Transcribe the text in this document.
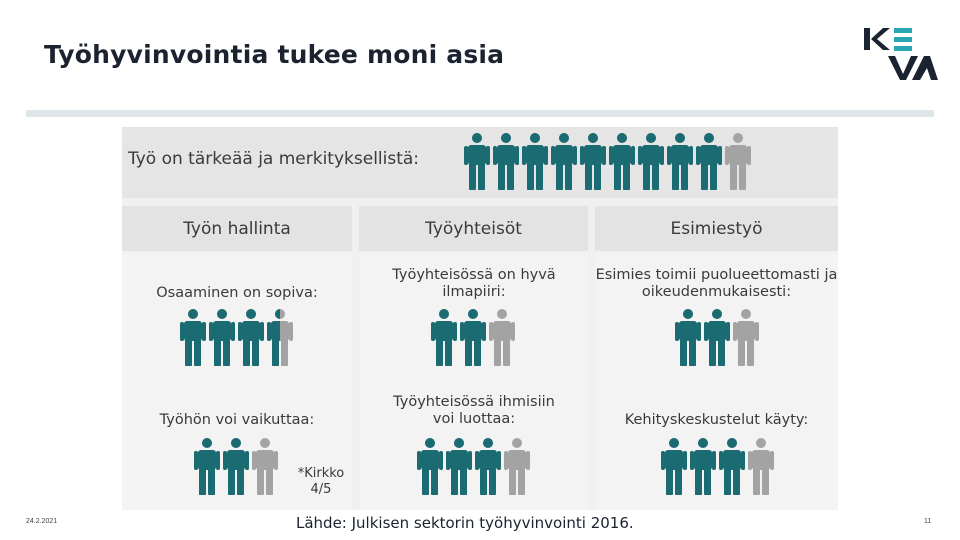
Työhyvinvointia tukee moni asia
Työ on tärkeää ja merkityksellistä:
Työn hallinta
Osaaminen on sopiva:
Työhön voi vaikuttaa:
*Kirkko 4/5
Työyhteisöt
Työyhteisössä on hyvä ilmapiiri:
Työyhteisössä ihmisiin voi luottaa:
Esimiestyö
Esimies toimii puolueettomasti ja oikeudenmukaisesti:
Kehityskeskustelut käyty:
24.2.2021	Lähde: Julkisen sektorin työhyvinvointi 2016.	11
